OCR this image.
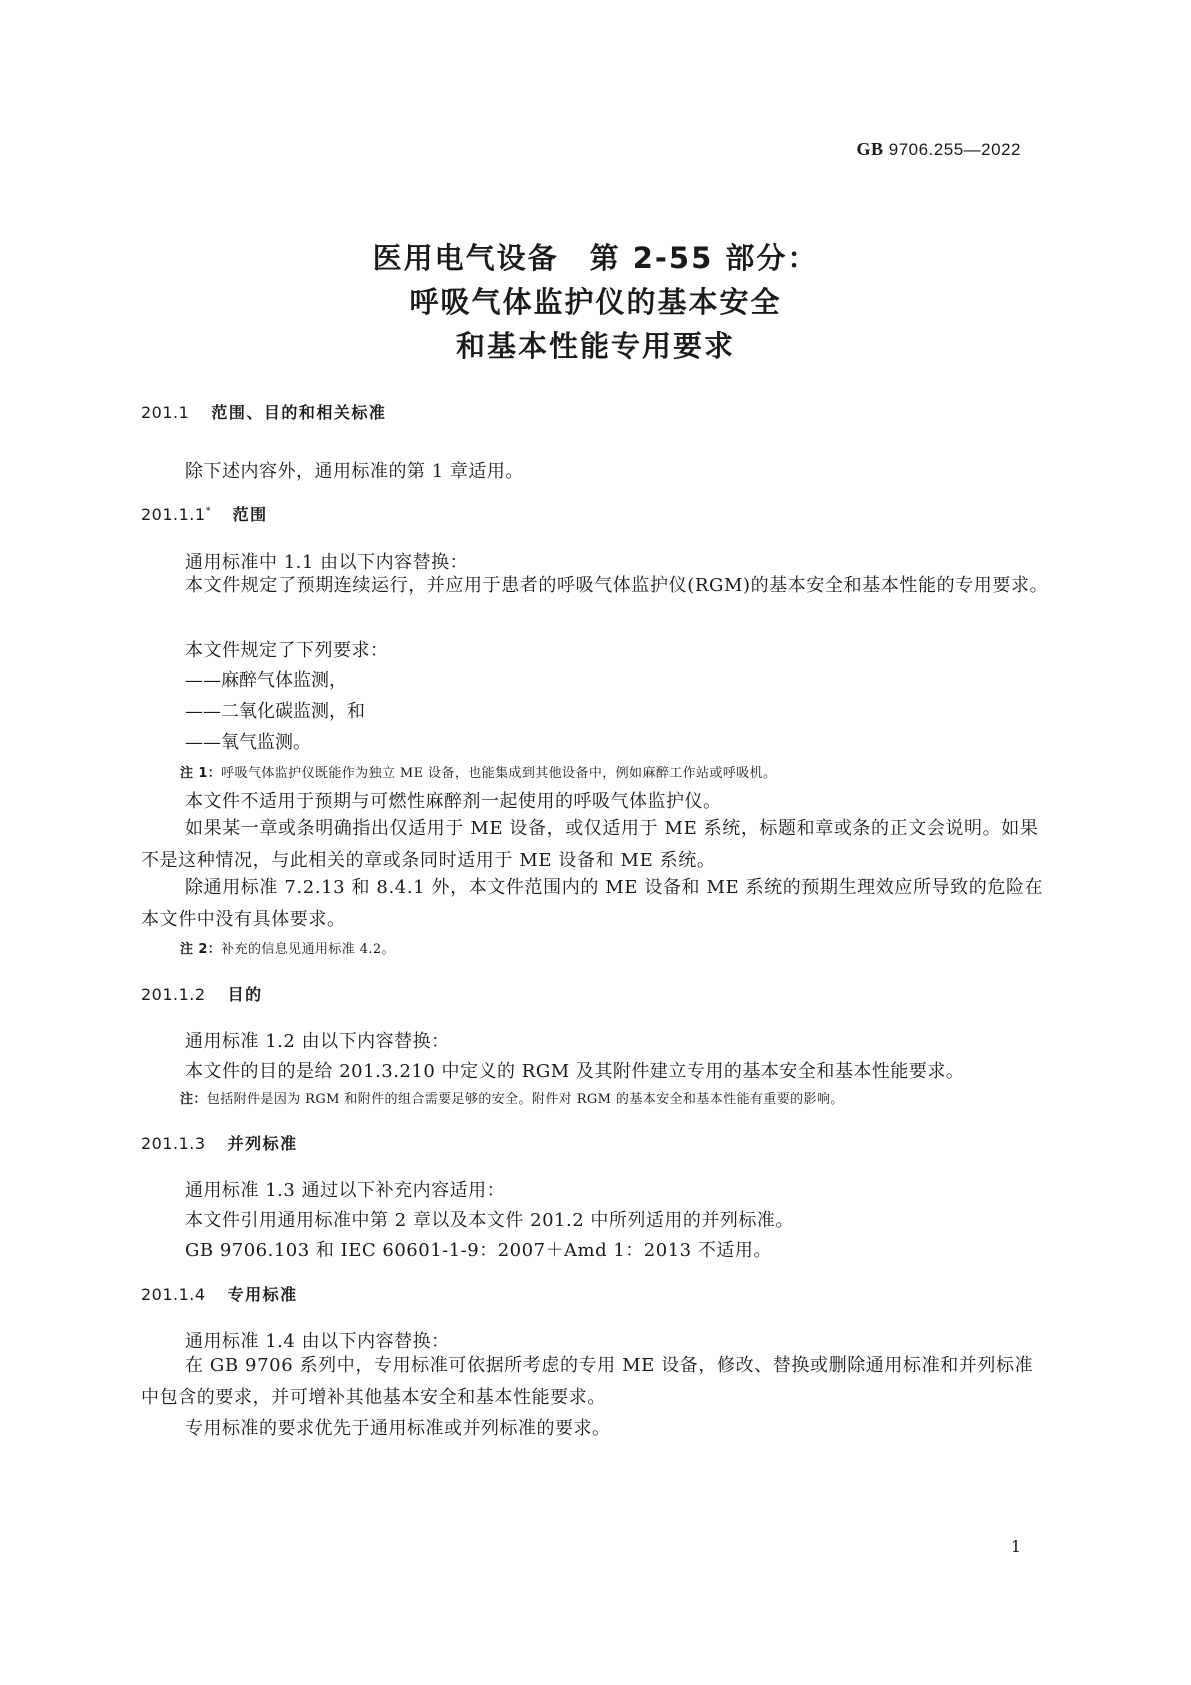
GB 9706.255—2022
医用电气设备　第 2-55 部分：
呼吸气体监护仪的基本安全
和基本性能专用要求
201.1 范围、目的和相关标准
除下述内容外，通用标准的第 1 章适用。
201.1.1* 范围
通用标准中 1.1 由以下内容替换：
本文件规定了预期连续运行，并应用于患者的呼吸气体监护仪(RGM)的基本安全和基本性能的专用要求。
本文件规定了下列要求：
——麻醉气体监测，
——二氧化碳监测，和
——氧气监测。
注 1：呼吸气体监护仪既能作为独立 ME 设备，也能集成到其他设备中，例如麻醉工作站或呼吸机。
本文件不适用于预期与可燃性麻醉剂一起使用的呼吸气体监护仪。
如果某一章或条明确指出仅适用于 ME 设备，或仅适用于 ME 系统，标题和章或条的正文会说明。如果不是这种情况，与此相关的章或条同时适用于 ME 设备和 ME 系统。
除通用标准 7.2.13 和 8.4.1 外，本文件范围内的 ME 设备和 ME 系统的预期生理效应所导致的危险在本文件中没有具体要求。
注 2：补充的信息见通用标准 4.2。
201.1.2 目的
通用标准 1.2 由以下内容替换：
本文件的目的是给 201.3.210 中定义的 RGM 及其附件建立专用的基本安全和基本性能要求。
注：包括附件是因为 RGM 和附件的组合需要足够的安全。附件对 RGM 的基本安全和基本性能有重要的影响。
201.1.3 并列标准
通用标准 1.3 通过以下补充内容适用：
本文件引用通用标准中第 2 章以及本文件 201.2 中所列适用的并列标准。
GB 9706.103 和 IEC 60601-1-9：2007＋Amd 1：2013 不适用。
201.1.4 专用标准
通用标准 1.4 由以下内容替换：
在 GB 9706 系列中，专用标准可依据所考虑的专用 ME 设备，修改、替换或删除通用标准和并列标准中包含的要求，并可增补其他基本安全和基本性能要求。
专用标准的要求优先于通用标准或并列标准的要求。
1
